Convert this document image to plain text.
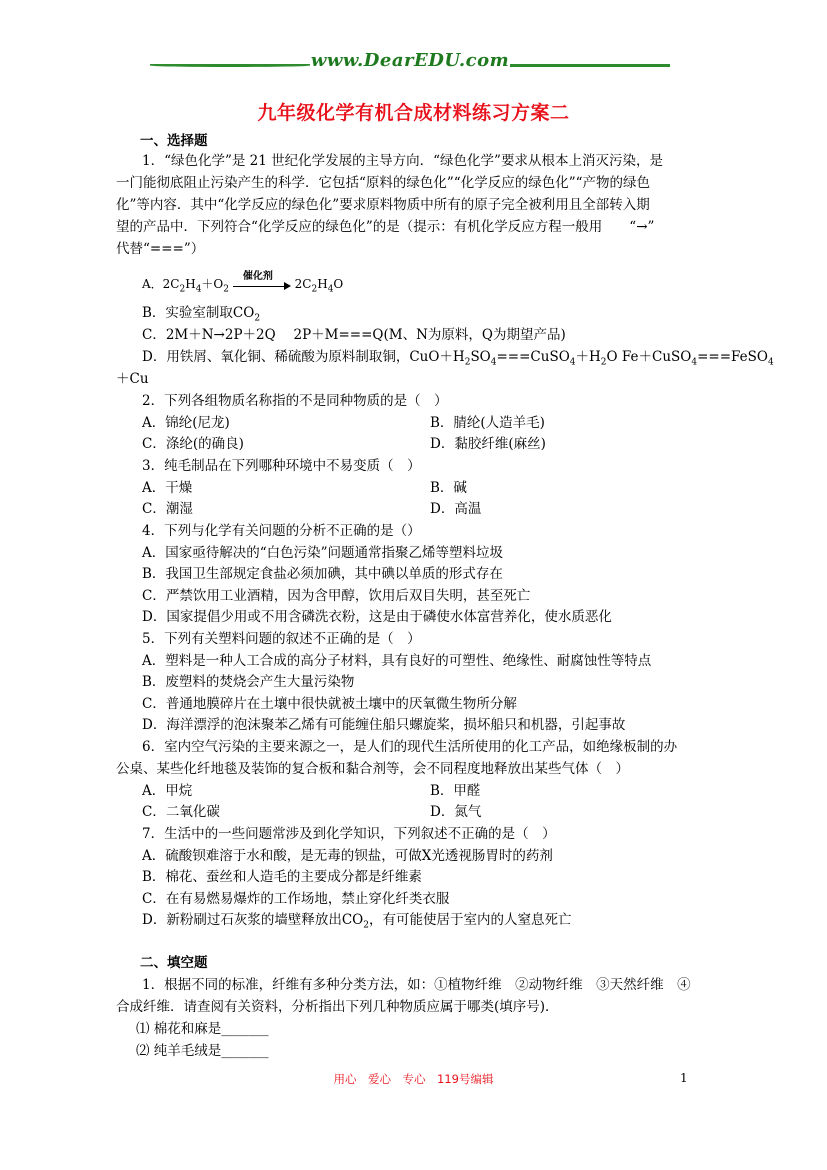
www.DearEDU.com
九年级化学有机合成材料练习方案二
一、选择题
1．“绿色化学”是 21 世纪化学发展的主导方向．“绿色化学”要求从根本上消灭污染，是
一门能彻底阻止污染产生的科学．它包括“原料的绿色化”“化学反应的绿色化”“产物的绿色
化”等内容．其中“化学反应的绿色化”要求原料物质中所有的原子完全被利用且全部转入期
望的产品中．下列符合“化学反应的绿色化”的是（提示：有机化学反应方程一般用　　“→”
代替“===”）
A．$2C_2H_4+O_2$
催化剂
$2C_2H_4O$
B．实验室制取$CO_2$
C．2M＋N→2P＋2Q　 2P＋M===Q(M、N为原料，Q为期望产品)
D．用铁屑、氧化铜、稀硫酸为原料制取铜，$CuO+H_2SO_4===CuSO_4+H_2O$ Fe＋CuSO$_4$===FeSO$_4$
＋Cu
2．下列各组物质名称指的不是同种物质的是（　）
A．锦纶(尼龙)	B．腈纶(人造羊毛)
C．涤纶(的确良)	D．黏胶纤维(麻丝)
3．纯毛制品在下列哪种环境中不易变质（　）
A．干燥	B．碱
C．潮湿	D．高温
4．下列与化学有关问题的分析不正确的是（）
A．国家亟待解决的“白色污染”问题通常指聚乙烯等塑料垃圾
B．我国卫生部规定食盐必须加碘，其中碘以单质的形式存在
C．严禁饮用工业酒精，因为含甲醇，饮用后双目失明，甚至死亡
D．国家提倡少用或不用含磷洗衣粉，这是由于磷使水体富营养化，使水质恶化
5．下列有关塑料问题的叙述不正确的是（　）
A．塑料是一种人工合成的高分子材料，具有良好的可塑性、绝缘性、耐腐蚀性等特点
B．废塑料的焚烧会产生大量污染物
C．普通地膜碎片在土壤中很快就被土壤中的厌氧微生物所分解
D．海洋漂浮的泡沫聚苯乙烯有可能缠住船只螺旋桨，损坏船只和机器，引起事故
6．室内空气污染的主要来源之一，是人们的现代生活所使用的化工产品，如绝缘板制的办
公桌、某些化纤地毯及装饰的复合板和黏合剂等，会不同程度地释放出某些气体（　）
A．甲烷	B．甲醛
C．二氧化碳	D．氮气
7．生活中的一些问题常涉及到化学知识，下列叙述不正确的是（　）
A．硫酸钡难溶于水和酸，是无毒的钡盐，可做X光透视肠胃时的药剂
B．棉花、蚕丝和人造毛的主要成分都是纤维素
C．在有易燃易爆炸的工作场地，禁止穿化纤类衣服
D．新粉刷过石灰浆的墙壁释放出$CO_2$，有可能使居于室内的人窒息死亡
二、填空题
1．根据不同的标准，纤维有多种分类方法，如：①植物纤维　②动物纤维　③天然纤维　④
合成纤维．请查阅有关资料，分析指出下列几种物质应属于哪类(填序号)．
⑴ 棉花和麻是_______
⑵ 纯羊毛绒是_______
用心　爱心　专心　119号编辑	1
